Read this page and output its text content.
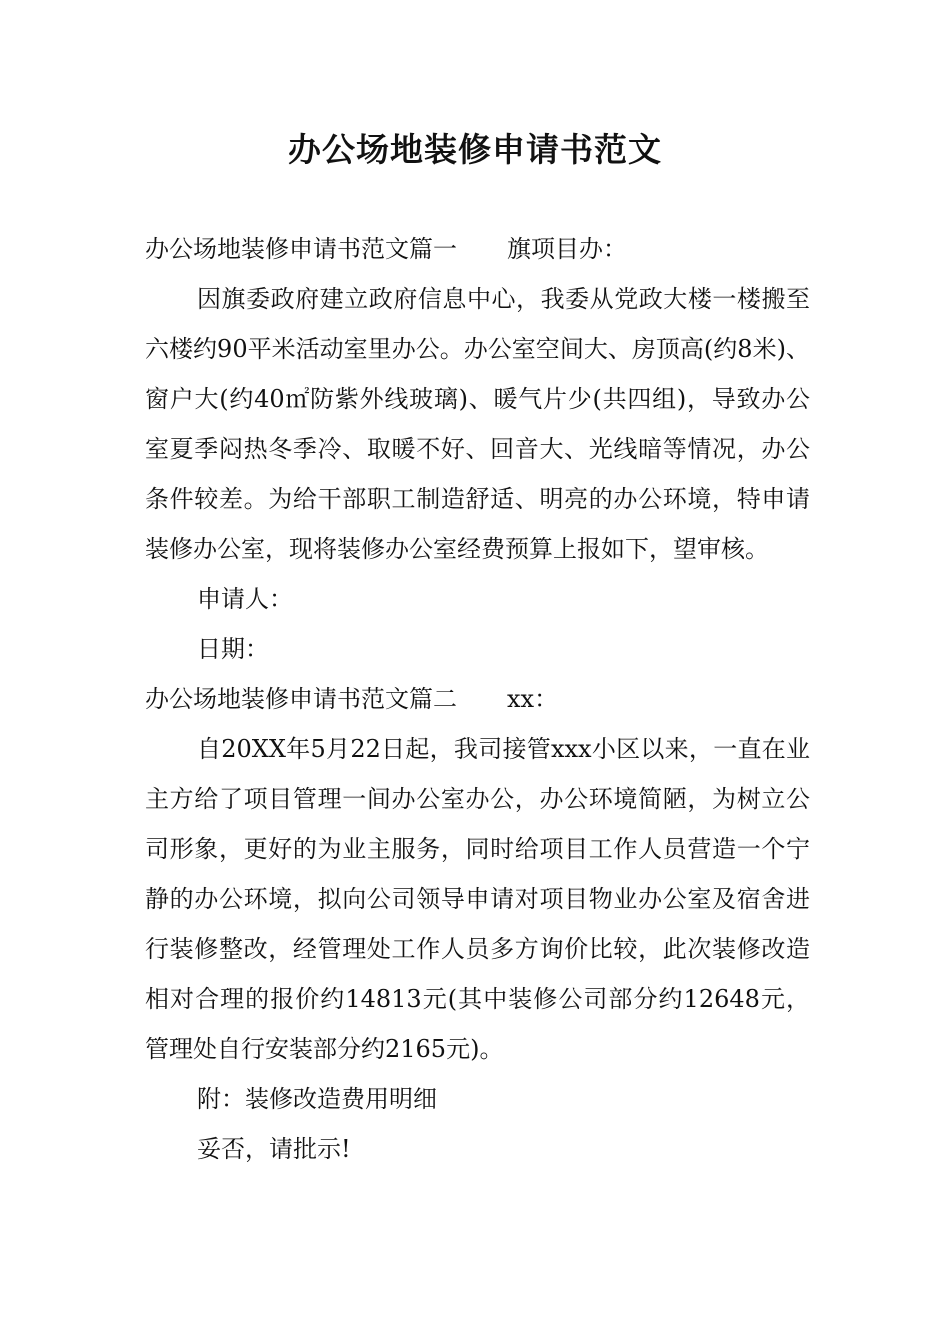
办公场地装修申请书范文
办公场地装修申请书范文篇一 旗项目办：

因旗委政府建立政府信息中心，我委从党政大楼一楼搬至六楼约90平米活动室里办公。办公室空间大、房顶高(约8米)、窗户大(约40㎡防紫外线玻璃)、暖气片少(共四组)，导致办公室夏季闷热冬季冷、取暖不好、回音大、光线暗等情况，办公条件较差。为给干部职工制造舒适、明亮的办公环境，特申请装修办公室，现将装修办公室经费预算上报如下，望审核。

申请人：

日期：

办公场地装修申请书范文篇二 xx：

自20XX年5月22日起，我司接管xxx小区以来，一直在业主方给了项目管理一间办公室办公，办公环境简陋，为树立公司形象，更好的为业主服务，同时给项目工作人员营造一个宁静的办公环境，拟向公司领导申请对项目物业办公室及宿舍进行装修整改，经管理处工作人员多方询价比较，此次装修改造相对合理的报价约14813元(其中装修公司部分约12648元，管理处自行安装部分约2165元)。

附：装修改造费用明细

妥否，请批示!
